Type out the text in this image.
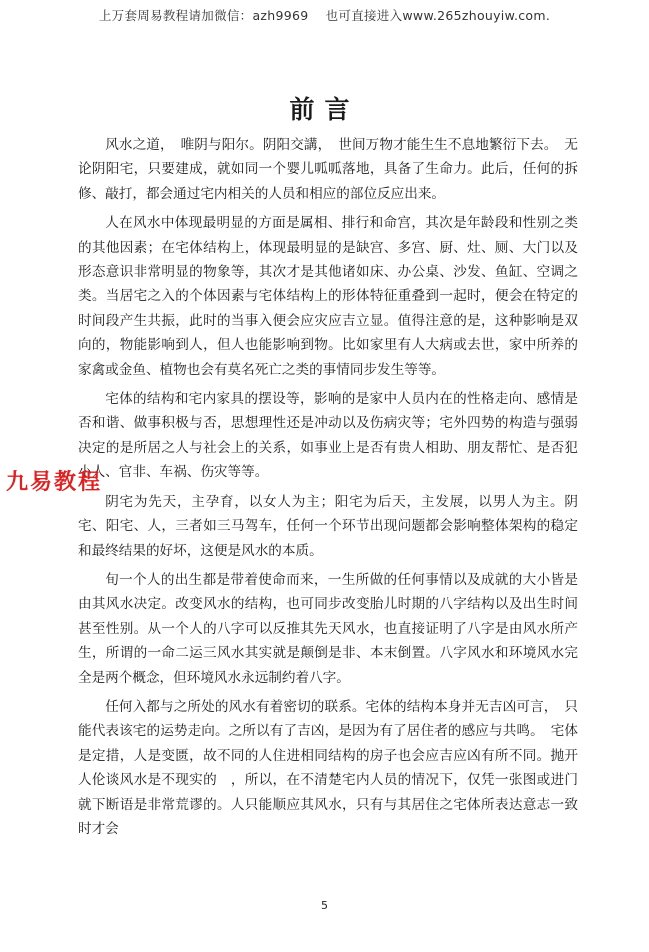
上万套周易教程请加微信：azh9969　 也可直接进入www.265zhouyiw.com.
前言

风水之道，　唯阴与阳尔。阴阳交講，　世间万物才能生生不息地繁衍下去。　无论阴阳宅，只要建成，就如同一个婴儿呱呱落地，具备了生命力。此后，任何的拆修、敲打，都会通过宅内相关的人员和相应的部位反应出来。

人在风水中体现最明显的方面是属相、排行和命宫，其次是年龄段和性别之类的其他因素；在宅体结构上，体现最明显的是缺宫、多宫、厨、灶、厕、大门以及形态意识非常明显的物象等，其次才是其他诸如床、办公桌、沙发、鱼缸、空调之类。当居宅之入的个体因素与宅体结构上的形体特征重叠到一起时，便会在特定的时间段产生共振，此时的当事入便会应灾应吉立显。值得注意的是，这种影响是双向的，物能影响到人，但人也能影响到物。比如家里有人大病或去世，家中所养的家禽或金鱼、植物也会有莫名死亡之类的事情同步发生等等。

宅体的结构和宅内家具的摆设等，影响的是家中人员内在的性格走向、感情是否和谐、做事积极与否，思想理性还是冲动以及伤病灾等；宅外四势的构造与强弱决定的是所居之人与社会上的关系，如事业上是否有贵人相助、朋友帮忙、是否犯小人、官非、车祸、伤灾等等。

阴宅为先天，主孕育，以女人为主；阳宅为后天，主发展，以男人为主。阴宅、阳宅、人，三者如三马驾车，任何一个环节出现问题都会影响整体架构的稳定和最终结果的好坏，这便是风水的本质。

旬一个人的出生都是带着使命而来，一生所做的任何事情以及成就的大小皆是由其风水决定。改变风水的结构，也可同步改变胎儿时期的八字结构以及出生时间甚至性别。从一个人的八字可以反推其先天风水，也直接证明了八字是由风水所产生，所谓的一命二运三风水其实就是颠倒是非、本末倒置。八字风水和环境风水完全是两个概念，但环境风水永远制约着八字。

任何入都与之所处的风水有着密切的联系。宅体的结构本身并无吉凶可言，　只能代表该宅的运势走向。之所以有了吉凶，是因为有了居住者的感应与共鸣。　宅体是定措，人是变匮，故不同的人住进相同结构的房子也会应吉应凶有所不同。抛开人伦谈风水是不现实的　，所以，在不清楚宅内人员的情况下，仅凭一张图或进门就下断语是非常荒谬的。人只能顺应其风水，只有与其居住之宅体所表达意志一致时才会

九易教程
5
